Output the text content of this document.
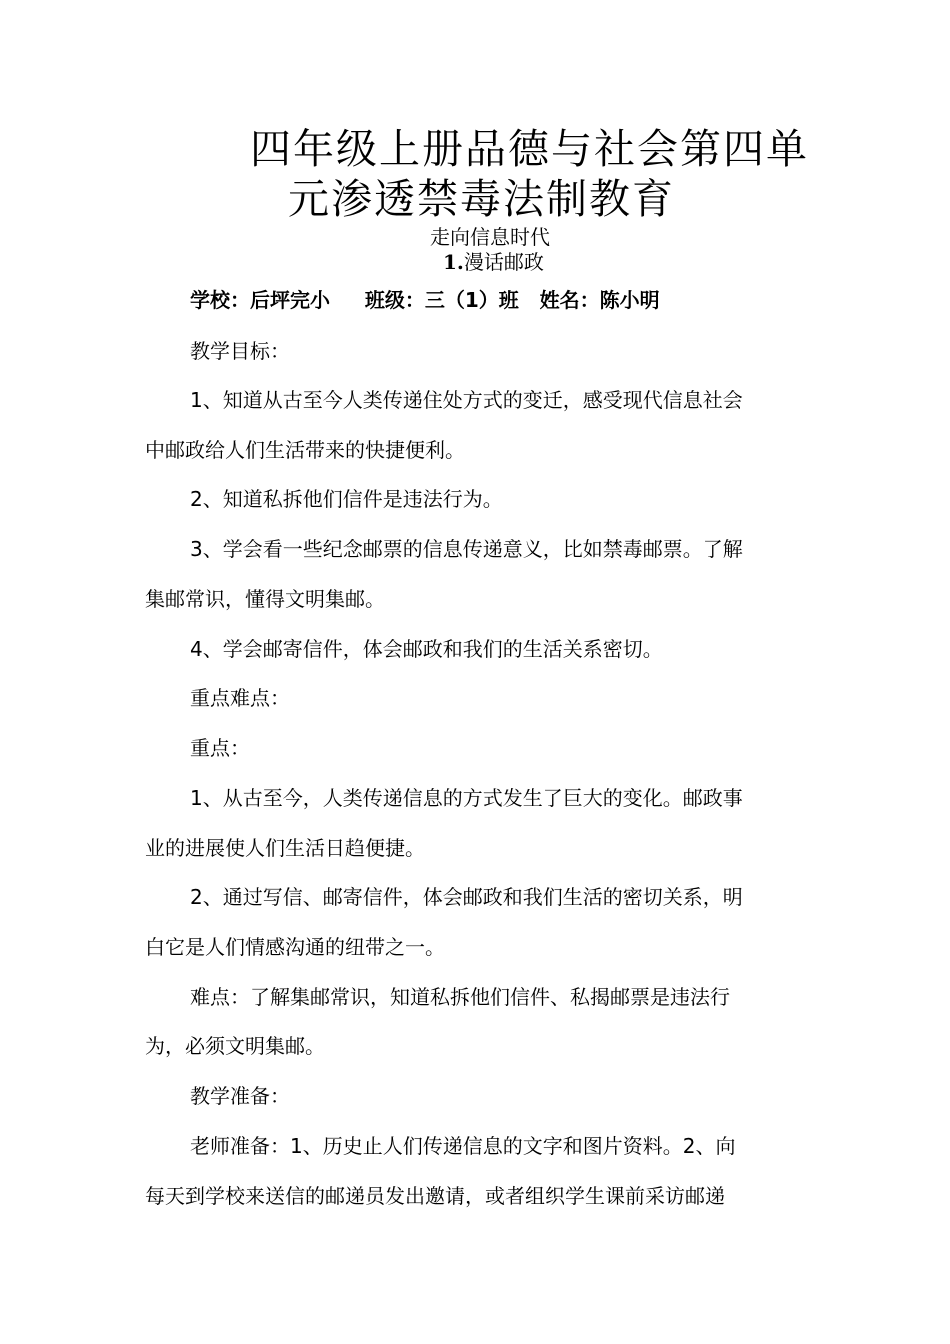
四年级上册品德与社会第四单
元渗透禁毒法制教育
走向信息时代
1.漫话邮政
学校：后坪完小     班级：三（1）班   姓名：陈小明
教学目标：
1、知道从古至今人类传递住处方式的变迁，感受现代信息社会
中邮政给人们生活带来的快捷便利。
2、知道私拆他们信件是违法行为。
3、学会看一些纪念邮票的信息传递意义，比如禁毒邮票。了解
集邮常识，懂得文明集邮。
4、学会邮寄信件，体会邮政和我们的生活关系密切。
重点难点：
重点：
1、从古至今，人类传递信息的方式发生了巨大的变化。邮政事
业的进展使人们生活日趋便捷。
2、通过写信、邮寄信件，体会邮政和我们生活的密切关系，明
白它是人们情感沟通的纽带之一。
难点：了解集邮常识，知道私拆他们信件、私揭邮票是违法行
为，必须文明集邮。
教学准备：
老师准备：1、历史止人们传递信息的文字和图片资料。2、向
每天到学校来送信的邮递员发出邀请，或者组织学生课前采访邮递
